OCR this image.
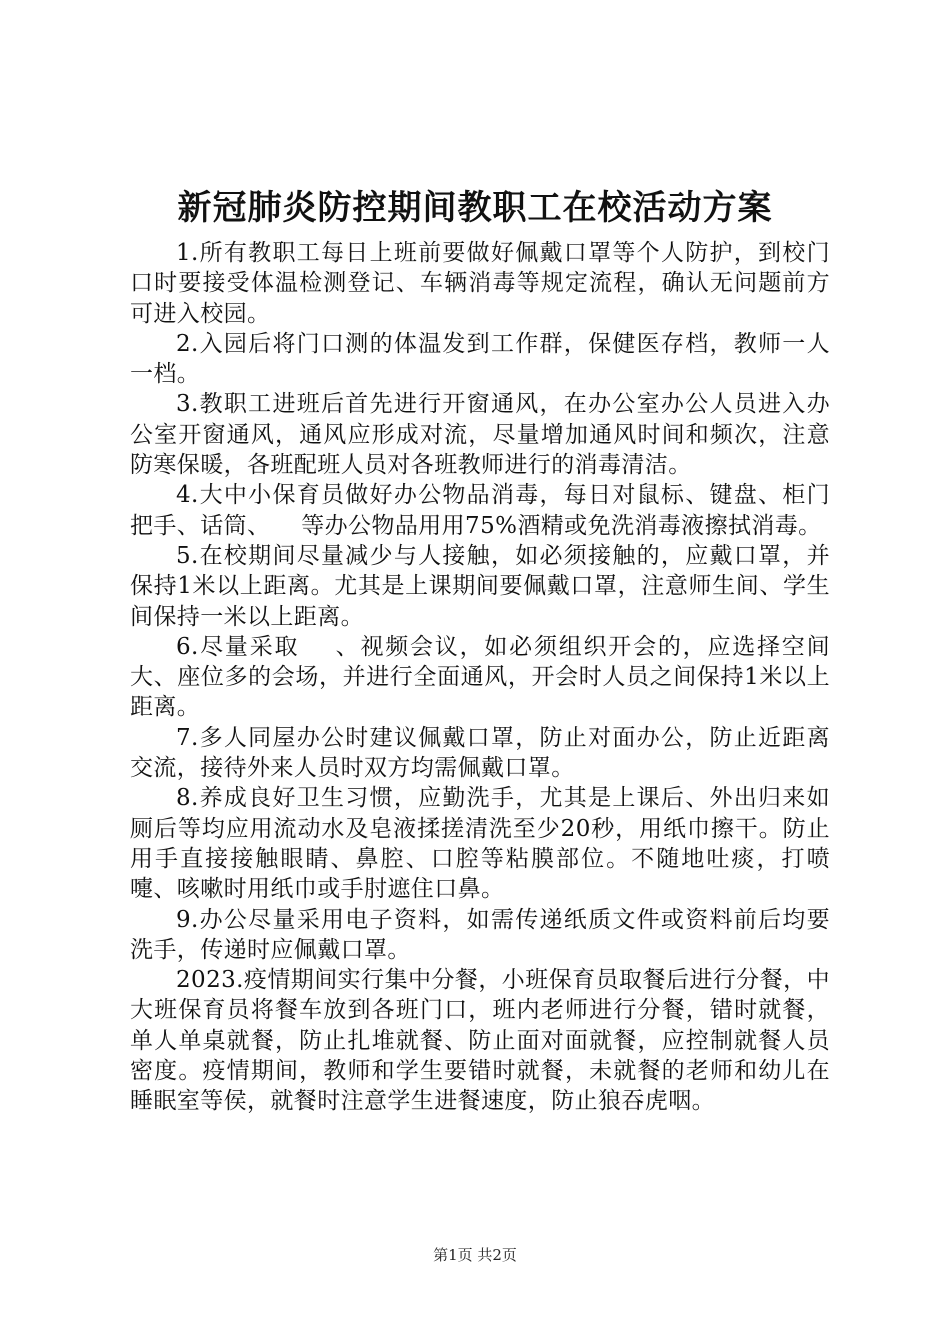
新冠肺炎防控期间教职工在校活动方案

1.所有教职工每日上班前要做好佩戴口罩等个人防护，到校门口时要接受体温检测登记、车辆消毒等规定流程，确认无问题前方可进入校园。

2.入园后将门口测的体温发到工作群，保健医存档，教师一人一档。

3.教职工进班后首先进行开窗通风，在办公室办公人员进入办公室开窗通风，通风应形成对流，尽量增加通风时间和频次，注意防寒保暖，各班配班人员对各班教师进行的消毒清洁。

4.大中小保育员做好办公物品消毒，每日对鼠标、键盘、柜门把手、话筒、    等办公物品用用75%酒精或免洗消毒液擦拭消毒。

5.在校期间尽量减少与人接触，如必须接触的，应戴口罩，并保持1米以上距离。尤其是上课期间要佩戴口罩，注意师生间、学生间保持一米以上距离。

6.尽量采取    、视频会议，如必须组织开会的，应选择空间大、座位多的会场，并进行全面通风，开会时人员之间保持1米以上距离。

7.多人同屋办公时建议佩戴口罩，防止对面办公，防止近距离交流，接待外来人员时双方均需佩戴口罩。

8.养成良好卫生习惯，应勤洗手，尤其是上课后、外出归来如厕后等均应用流动水及皂液揉搓清洗至少20秒，用纸巾擦干。防止用手直接接触眼睛、鼻腔、口腔等粘膜部位。不随地吐痰，打喷嚏、咳嗽时用纸巾或手肘遮住口鼻。

9.办公尽量采用电子资料，如需传递纸质文件或资料前后均要洗手，传递时应佩戴口罩。

2023.疫情期间实行集中分餐，小班保育员取餐后进行分餐，中大班保育员将餐车放到各班门口，班内老师进行分餐，错时就餐，单人单桌就餐，防止扎堆就餐、防止面对面就餐，应控制就餐人员密度。疫情期间，教师和学生要错时就餐，未就餐的老师和幼儿在睡眠室等侯，就餐时注意学生进餐速度，防止狼吞虎咽。

第1页 共2页
